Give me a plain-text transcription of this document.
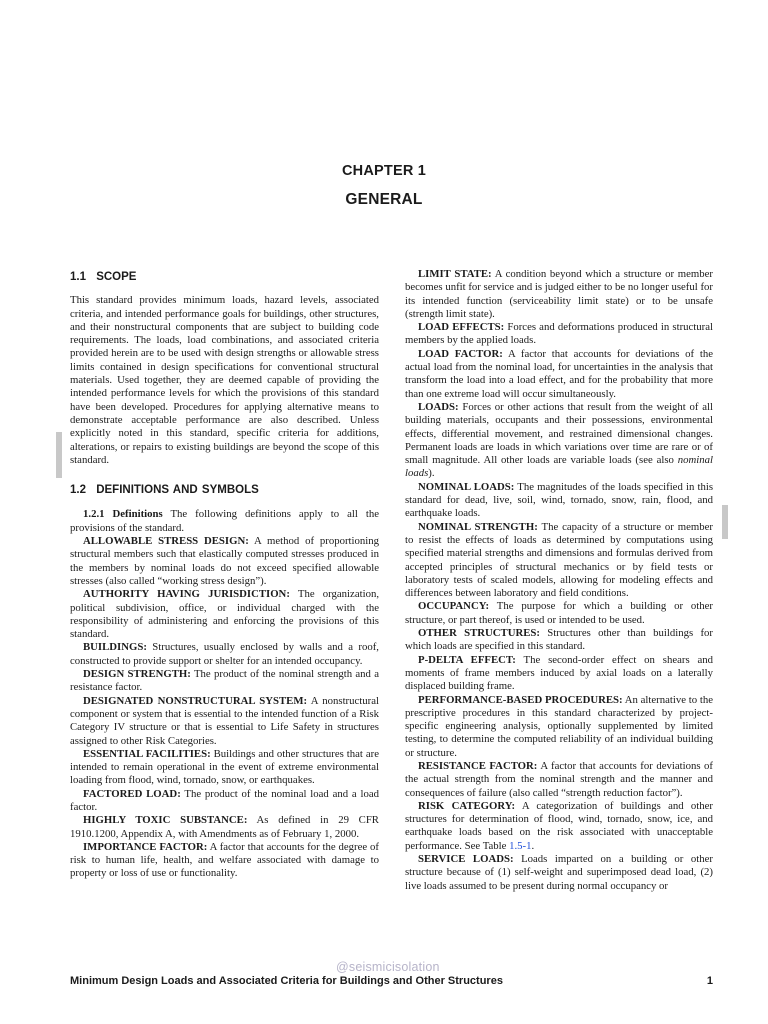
CHAPTER 1
GENERAL
1.1 SCOPE

This standard provides minimum loads, hazard levels, associated criteria, and intended performance goals for buildings, other structures, and their nonstructural components that are subject to building code requirements. The loads, load combinations, and associated criteria provided herein are to be used with design strengths or allowable stress limits contained in design specifications for conventional structural materials. Used together, they are deemed capable of providing the intended performance levels for which the provisions of this standard have been developed. Procedures for applying alternative means to demonstrate acceptable performance are also described. Unless explicitly noted in this standard, specific criteria for additions, alterations, or repairs to existing buildings are beyond the scope of this standard.

1.2 DEFINITIONS AND SYMBOLS

1.2.1 Definitions The following definitions apply to all the provisions of the standard.

ALLOWABLE STRESS DESIGN: A method of proportioning structural members such that elastically computed stresses produced in the members by nominal loads do not exceed specified allowable stresses (also called “working stress design”).

AUTHORITY HAVING JURISDICTION: The organization, political subdivision, office, or individual charged with the responsibility of administering and enforcing the provisions of this standard.

BUILDINGS: Structures, usually enclosed by walls and a roof, constructed to provide support or shelter for an intended occupancy.

DESIGN STRENGTH: The product of the nominal strength and a resistance factor.

DESIGNATED NONSTRUCTURAL SYSTEM: A nonstructural component or system that is essential to the intended function of a Risk Category IV structure or that is essential to Life Safety in structures assigned to other Risk Categories.

ESSENTIAL FACILITIES: Buildings and other structures that are intended to remain operational in the event of extreme environmental loading from flood, wind, tornado, snow, or earthquakes.

FACTORED LOAD: The product of the nominal load and a load factor.

HIGHLY TOXIC SUBSTANCE: As defined in 29 CFR 1910.1200, Appendix A, with Amendments as of February 1, 2000.

IMPORTANCE FACTOR: A factor that accounts for the degree of risk to human life, health, and welfare associated with damage to property or loss of use or functionality.

LIMIT STATE: A condition beyond which a structure or member becomes unfit for service and is judged either to be no longer useful for its intended function (serviceability limit state) or to be unsafe (strength limit state).

LOAD EFFECTS: Forces and deformations produced in structural members by the applied loads.

LOAD FACTOR: A factor that accounts for deviations of the actual load from the nominal load, for uncertainties in the analysis that transform the load into a load effect, and for the probability that more than one extreme load will occur simultaneously.

LOADS: Forces or other actions that result from the weight of all building materials, occupants and their possessions, environmental effects, differential movement, and restrained dimensional changes. Permanent loads are loads in which variations over time are rare or of small magnitude. All other loads are variable loads (see also nominal loads).

NOMINAL LOADS: The magnitudes of the loads specified in this standard for dead, live, soil, wind, tornado, snow, rain, flood, and earthquake loads.

NOMINAL STRENGTH: The capacity of a structure or member to resist the effects of loads as determined by computations using specified material strengths and dimensions and formulas derived from accepted principles of structural mechanics or by field tests or laboratory tests of scaled models, allowing for modeling effects and differences between laboratory and field conditions.

OCCUPANCY: The purpose for which a building or other structure, or part thereof, is used or intended to be used.

OTHER STRUCTURES: Structures other than buildings for which loads are specified in this standard.

P-DELTA EFFECT: The second-order effect on shears and moments of frame members induced by axial loads on a laterally displaced building frame.

PERFORMANCE-BASED PROCEDURES: An alternative to the prescriptive procedures in this standard characterized by project-specific engineering analysis, optionally supplemented by limited testing, to determine the computed reliability of an individual building or structure.

RESISTANCE FACTOR: A factor that accounts for deviations of the actual strength from the nominal strength and the manner and consequences of failure (also called “strength reduction factor”).

RISK CATEGORY: A categorization of buildings and other structures for determination of flood, wind, tornado, snow, ice, and earthquake loads based on the risk associated with unacceptable performance. See Table 1.5-1.

SERVICE LOADS: Loads imparted on a building or other structure because of (1) self-weight and superimposed dead load, (2) live loads assumed to be present during normal occupancy or

@seismicisolation
Minimum Design Loads and Associated Criteria for Buildings and Other Structures	1
